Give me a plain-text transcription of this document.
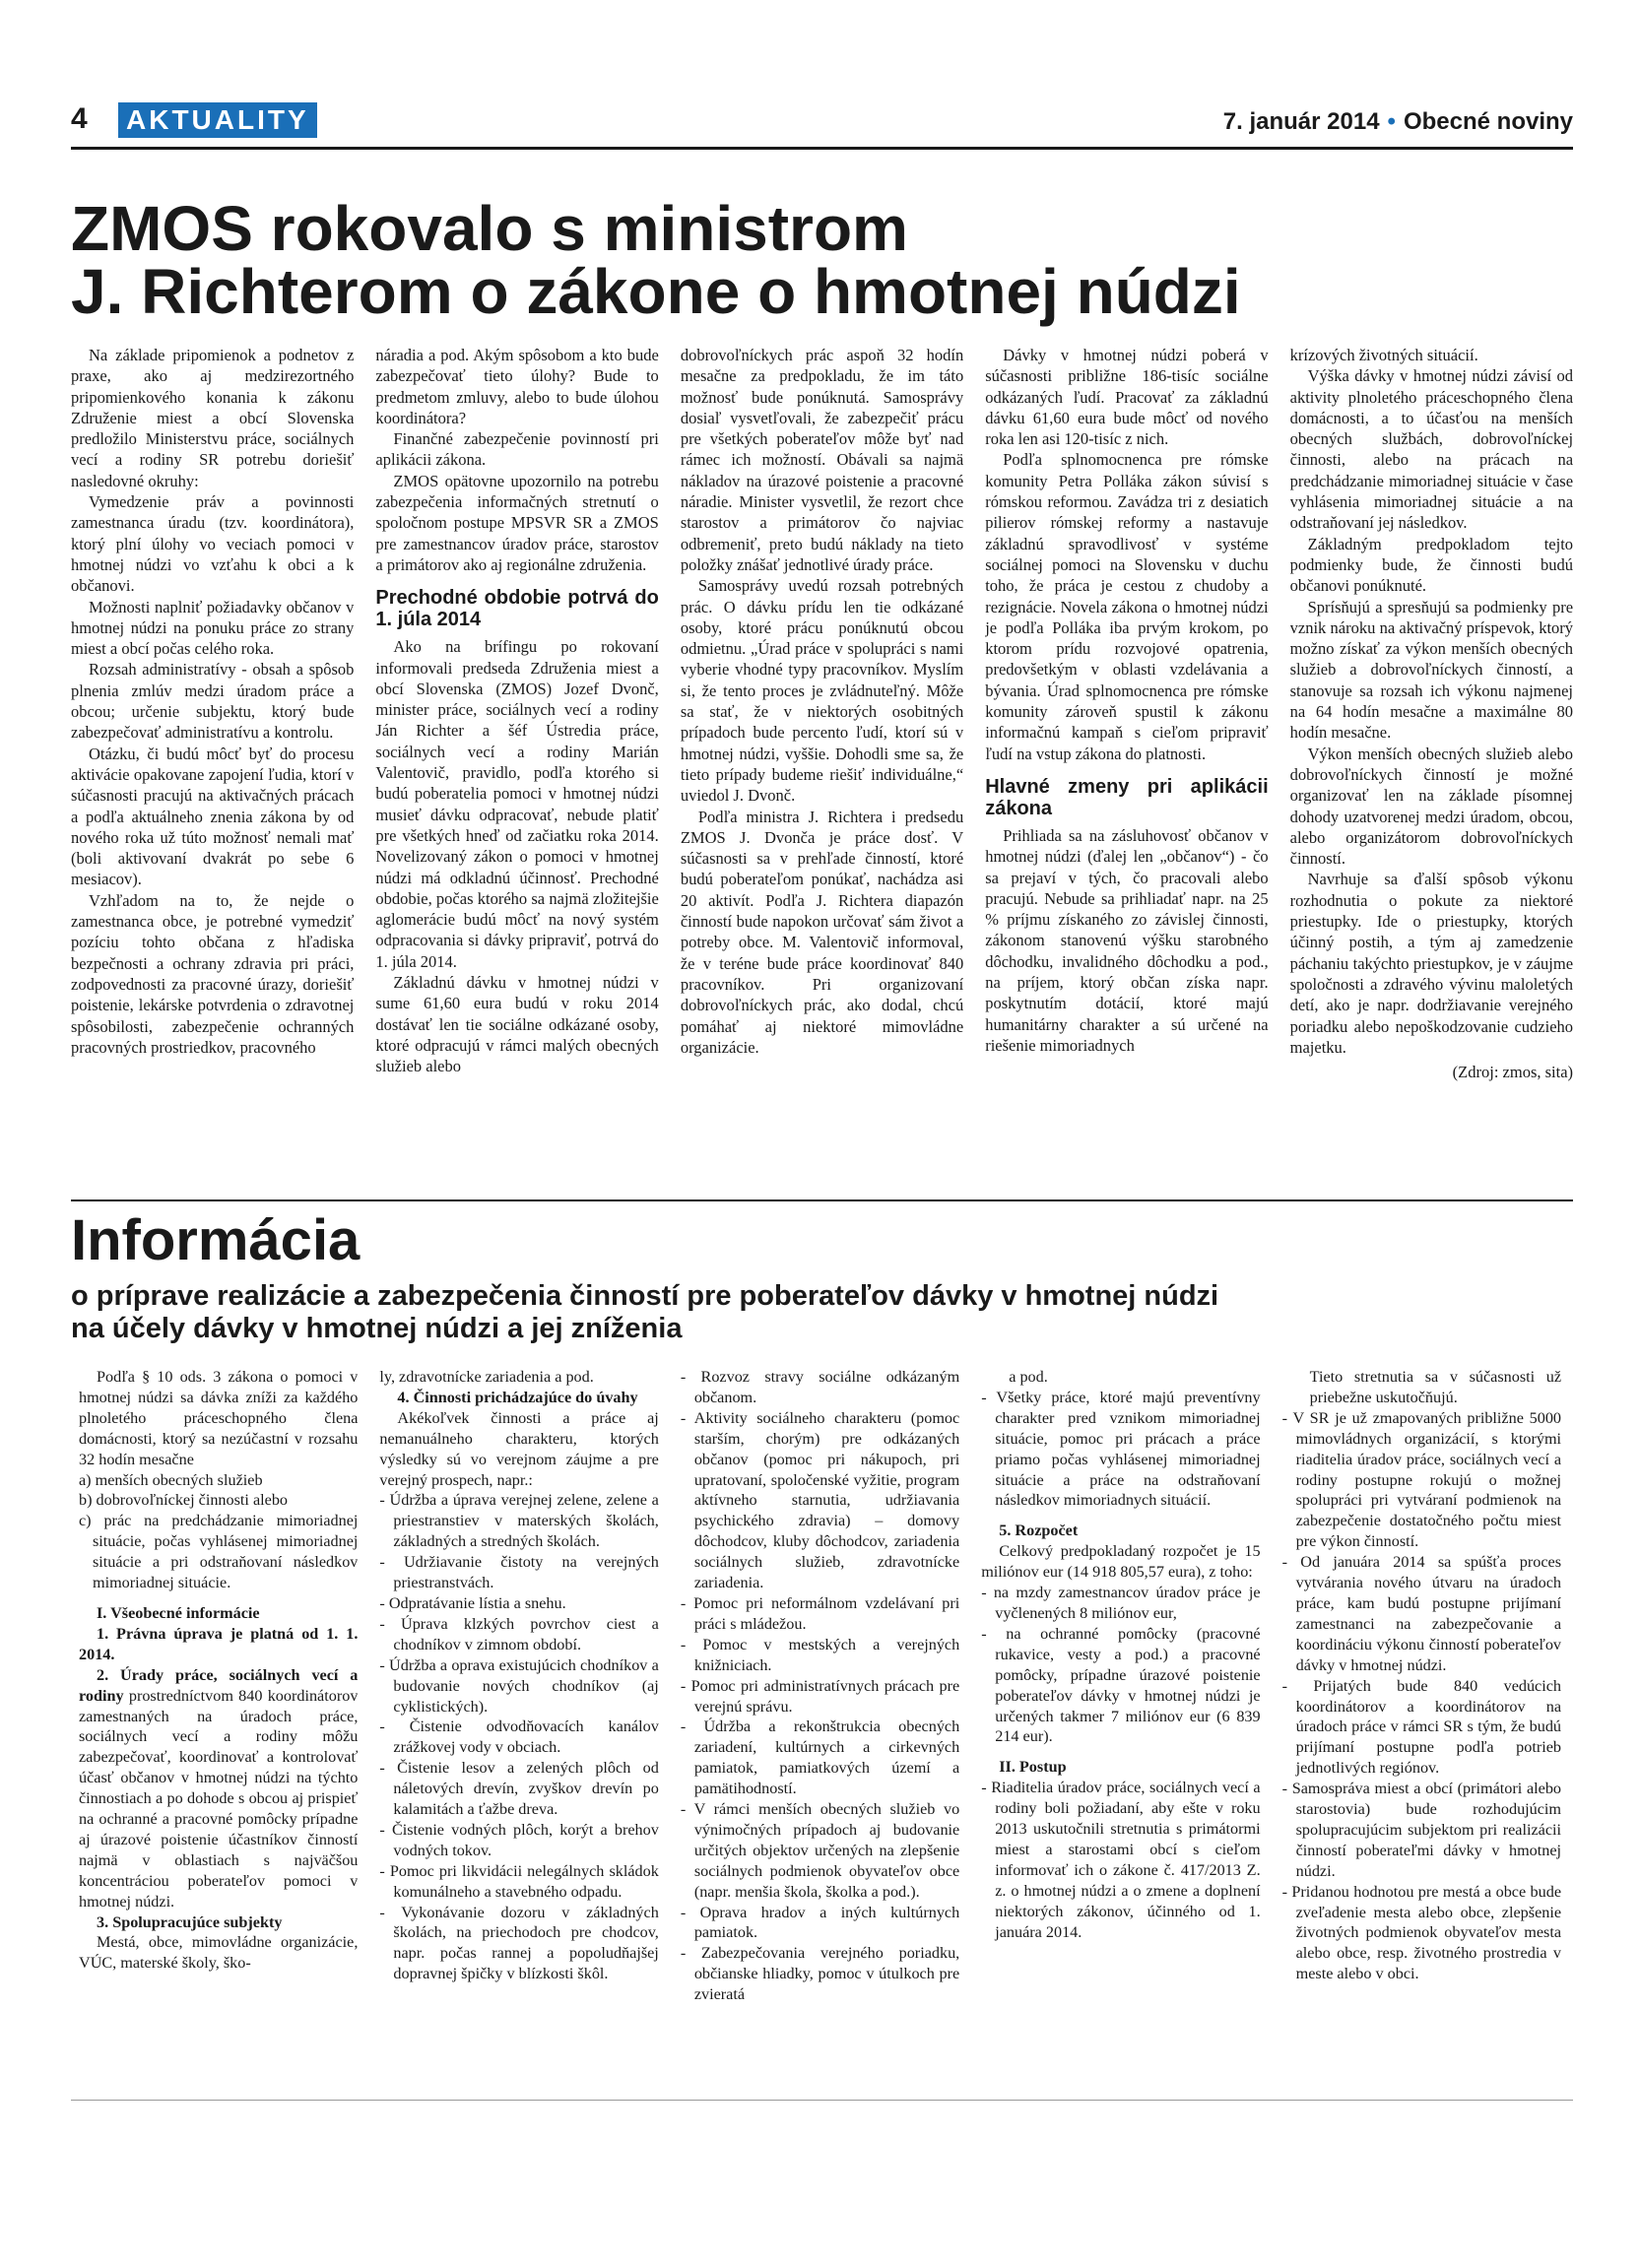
4 AKTUALITY	7. január 2014 • Obecné noviny
ZMOS rokovalo s ministrom
J. Richterom o zákone o hmotnej núdzi

Na základe pripomienok a podnetov z praxe, ako aj medzirezortného pripomienkového konania k zákonu Združenie miest a obcí Slovenska predložilo Ministerstvu práce, sociálnych vecí a rodiny SR potrebu doriešiť nasledovné okruhy:

Vymedzenie práv a povinnosti zamestnanca úradu (tzv. koordinátora), ktorý plní úlohy vo veciach pomoci v hmotnej núdzi vo vzťahu k obci a k občanovi.

Možnosti naplniť požiadavky občanov v hmotnej núdzi na ponuku práce zo strany miest a obcí počas celého roka.

Rozsah administratívy - obsah a spôsob plnenia zmlúv medzi úradom práce a obcou; určenie subjektu, ktorý bude zabezpečovať administratívu a kontrolu.

Otázku, či budú môcť byť do procesu aktivácie opakovane zapojení ľudia, ktorí v súčasnosti pracujú na aktivačných prácach a podľa aktuálneho znenia zákona by od nového roka už túto možnosť nemali mať (boli aktivovaní dvakrát po sebe 6 mesiacov).

Vzhľadom na to, že nejde o zamestnanca obce, je potrebné vymedziť pozíciu tohto občana z hľadiska bezpečnosti a ochrany zdravia pri práci, zodpovednosti za pracovné úrazy, doriešiť poistenie, lekárske potvrdenia o zdravotnej spôsobilosti, zabezpečenie ochranných pracovných prostriedkov, pracovného

náradia a pod. Akým spôsobom a kto bude zabezpečovať tieto úlohy? Bude to predmetom zmluvy, alebo to bude úlohou koordinátora?

Finančné zabezpečenie povinností pri aplikácii zákona.

ZMOS opätovne upozornilo na potrebu zabezpečenia informačných stretnutí o spoločnom postupe MPSVR SR a ZMOS pre zamestnancov úradov práce, starostov a primátorov ako aj regionálne združenia.

Prechodné obdobie potrvá do 1. júla 2014

Ako na brífingu po rokovaní informovali predseda Združenia miest a obcí Slovenska (ZMOS) Jozef Dvonč, minister práce, sociálnych vecí a rodiny Ján Richter a šéf Ústredia práce, sociálnych vecí a rodiny Marián Valentovič, pravidlo, podľa ktorého si budú poberatelia pomoci v hmotnej núdzi musieť dávku odpracovať, nebude platiť pre všetkých hneď od začiatku roka 2014. Novelizovaný zákon o pomoci v hmotnej núdzi má odkladnú účinnosť. Prechodné obdobie, počas ktorého sa najmä zložitejšie aglomerácie budú môcť na nový systém odpracovania si dávky pripraviť, potrvá do 1. júla 2014.

Základnú dávku v hmotnej núdzi v sume 61,60 eura budú v roku 2014 dostávať len tie sociálne odkázané osoby, ktoré odpracujú v rámci malých obecných služieb alebo

dobrovoľníckych prác aspoň 32 hodín mesačne za predpokladu, že im táto možnosť bude ponúknutá. Samosprávy dosiaľ vysvetľovali, že zabezpečiť prácu pre všetkých poberateľov môže byť nad rámec ich možností. Obávali sa najmä nákladov na úrazové poistenie a pracovné náradie. Minister vysvetlil, že rezort chce starostov a primátorov čo najviac odbremeniť, preto budú náklady na tieto položky znášať jednotlivé úrady práce.

Samosprávy uvedú rozsah potrebných prác. O dávku prídu len tie odkázané osoby, ktoré prácu ponúknutú obcou odmietnu. „Úrad práce v spolupráci s nami vyberie vhodné typy pracovníkov. Myslím si, že tento proces je zvládnuteľný. Môže sa stať, že v niektorých osobitných prípadoch bude percento ľudí, ktorí sú v hmotnej núdzi, vyššie. Dohodli sme sa, že tieto prípady budeme riešiť individuálne,“ uviedol J. Dvonč.

Podľa ministra J. Richtera i predsedu ZMOS J. Dvonča je práce dosť. V súčasnosti sa v prehľade činností, ktoré budú poberateľom ponúkať, nachádza asi 20 aktivít. Podľa J. Richtera diapazón činností bude napokon určovať sám život a potreby obce. M. Valentovič informoval, že v teréne bude práce koordinovať 840 pracovníkov. Pri organizovaní dobrovoľníckych prác, ako dodal, chcú pomáhať aj niektoré mimovládne organizácie.

Dávky v hmotnej núdzi poberá v súčasnosti približne 186-tisíc sociálne odkázaných ľudí. Pracovať za základnú dávku 61,60 eura bude môcť od nového roka len asi 120-tisíc z nich.

Podľa splnomocnenca pre rómske komunity Petra Polláka zákon súvisí s rómskou reformou. Zavádza tri z desiatich pilierov rómskej reformy a nastavuje základnú spravodlivosť v systéme sociálnej pomoci na Slovensku v duchu toho, že práca je cestou z chudoby a rezignácie. Novela zákona o hmotnej núdzi je podľa Polláka iba prvým krokom, po ktorom prídu rozvojové opatrenia, predovšetkým v oblasti vzdelávania a bývania. Úrad splnomocnenca pre rómske komunity zároveň spustil k zákonu informačnú kampaň s cieľom pripraviť ľudí na vstup zákona do platnosti.

Hlavné zmeny pri aplikácii zákona

Prihliada sa na zásluhovosť občanov v hmotnej núdzi (ďalej len „občanov“) - čo sa prejaví v tých, čo pracovali alebo pracujú. Nebude sa prihliadať napr. na 25 % príjmu získaného zo závislej činnosti, zákonom stanovenú výšku starobného dôchodku, invalidného dôchodku a pod., na príjem, ktorý občan získa napr. poskytnutím dotácií, ktoré majú humanitárny charakter a sú určené na riešenie mimoriadnych

krízových životných situácií.

Výška dávky v hmotnej núdzi závisí od aktivity plnoletého práceschopného člena domácnosti, a to účasťou na menších obecných službách, dobrovoľníckej činnosti, alebo na prácach na predchádzanie mimoriadnej situácie v čase vyhlásenia mimoriadnej situácie a na odstraňovaní jej následkov.

Základným predpokladom tejto podmienky bude, že činnosti budú občanovi ponúknuté.

Sprísňujú a spresňujú sa podmienky pre vznik nároku na aktivačný príspevok, ktorý možno získať za výkon menších obecných služieb a dobrovoľníckych činností, a stanovuje sa rozsah ich výkonu najmenej na 64 hodín mesačne a maximálne 80 hodín mesačne.

Výkon menších obecných služieb alebo dobrovoľníckych činností je možné organizovať len na základe písomnej dohody uzatvorenej medzi úradom, obcou, alebo organizátorom dobrovoľníckych činností.

Navrhuje sa ďalší spôsob výkonu rozhodnutia o pokute za niektoré priestupky. Ide o priestupky, ktorých účinný postih, a tým aj zamedzenie páchaniu takýchto priestupkov, je v záujme spoločnosti a zdravého vývinu maloletých detí, ako je napr. dodržiavanie verejného poriadku alebo nepoškodzovanie cudzieho majetku.

(Zdroj: zmos, sita)

Informácia
o príprave realizácie a zabezpečenia činností pre poberateľov dávky v hmotnej núdzi
na účely dávky v hmotnej núdzi a jej zníženia

Podľa § 10 ods. 3 zákona o pomoci v hmotnej núdzi sa dávka zníži za každého plnoletého práceschopného člena domácnosti, ktorý sa nezúčastní v rozsahu 32 hodín mesačne

a) menších obecných služieb

b) dobrovoľníckej činnosti alebo

c) prác na predchádzanie mimoriadnej situácie, počas vyhlásenej mimoriadnej situácie a pri odstraňovaní následkov mimoriadnej situácie.

I. Všeobecné informácie

1. Právna úprava je platná od 1. 1. 2014.

2. Úrady práce, sociálnych vecí a rodiny prostredníctvom 840 koordinátorov zamestnaných na úradoch práce, sociálnych vecí a rodiny môžu zabezpečovať, koordinovať a kontrolovať účasť občanov v hmotnej núdzi na týchto činnostiach a po dohode s obcou aj prispieť na ochranné a pracovné pomôcky prípadne aj úrazové poistenie účastníkov činností najmä v oblastiach s najväčšou koncentráciou poberateľov pomoci v hmotnej núdzi.

3. Spolupracujúce subjekty

Mestá, obce, mimovládne organizácie, VÚC, materské školy, ško-

ly, zdravotnícke zariadenia a pod.

4. Činnosti prichádzajúce do úvahy

Akékoľvek činnosti a práce aj nemanuálneho charakteru, ktorých výsledky sú vo verejnom záujme a pre verejný prospech, napr.:

- Údržba a úprava verejnej zelene, zelene a priestranstiev v materských školách, základných a stredných školách.

- Udržiavanie čistoty na verejných priestranstvách.

- Odpratávanie lístia a snehu.

- Úprava klzkých povrchov ciest a chodníkov v zimnom období.

- Údržba a oprava existujúcich chodníkov a budovanie nových chodníkov (aj cyklistických).

- Čistenie odvodňovacích kanálov zrážkovej vody v obciach.

- Čistenie lesov a zelených plôch od náletových drevín, zvyškov drevín po kalamitách a ťažbe dreva.

- Čistenie vodných plôch, korýt a brehov vodných tokov.

- Pomoc pri likvidácii nelegálnych skládok komunálneho a stavebného odpadu.

- Vykonávanie dozoru v základných školách, na priechodoch pre chodcov, napr. počas rannej a popoludňajšej dopravnej špičky v blízkosti škôl.

- Rozvoz stravy sociálne odkázaným občanom.

- Aktivity sociálneho charakteru (pomoc starším, chorým) pre odkázaných občanov (pomoc pri nákupoch, pri upratovaní, spoločenské vyžitie, program aktívneho starnutia, udržiavania psychického zdravia) – domovy dôchodcov, kluby dôchodcov, zariadenia sociálnych služieb, zdravotnícke zariadenia.

- Pomoc pri neformálnom vzdelávaní pri práci s mládežou.

- Pomoc v mestských a verejných knižniciach.

- Pomoc pri administratívnych prácach pre verejnú správu.

- Údržba a rekonštrukcia obecných zariadení, kultúrnych a cirkevných pamiatok, pamiatkových území a pamätihodností.

- V rámci menších obecných služieb vo výnimočných prípadoch aj budovanie určitých objektov určených na zlepšenie sociálnych podmienok obyvateľov obce (napr. menšia škola, školka a pod.).

- Oprava hradov a iných kultúrnych pamiatok.

- Zabezpečovania verejného poriadku, občianske hliadky, pomoc v útulkoch pre zvieratá

a pod.

- Všetky práce, ktoré majú preventívny charakter pred vznikom mimoriadnej situácie, pomoc pri prácach a práce priamo počas vyhlásenej mimoriadnej situácie a práce na odstraňovaní následkov mimoriadnych situácií.

5. Rozpočet

Celkový predpokladaný rozpočet je 15 miliónov eur (14 918 805,57 eura), z toho:

- na mzdy zamestnancov úradov práce je vyčlenených 8 miliónov eur,

- na ochranné pomôcky (pracovné rukavice, vesty a pod.) a pracovné pomôcky, prípadne úrazové poistenie poberateľov dávky v hmotnej núdzi je určených takmer 7 miliónov eur (6 839 214 eur).

II. Postup

- Riaditelia úradov práce, sociálnych vecí a rodiny boli požiadaní, aby ešte v roku 2013 uskutočnili stretnutia s primátormi miest a starostami obcí s cieľom informovať ich o zákone č. 417/2013 Z. z. o hmotnej núdzi a o zmene a doplnení niektorých zákonov, účinného od 1. januára 2014.

Tieto stretnutia sa v súčasnosti už priebežne uskutočňujú.

- V SR je už zmapovaných približne 5000 mimovládnych organizácií, s ktorými riaditelia úradov práce, sociálnych vecí a rodiny postupne rokujú o možnej spolupráci pri vytváraní podmienok na zabezpečenie dostatočného počtu miest pre výkon činností.

- Od januára 2014 sa spúšťa proces vytvárania nového útvaru na úradoch práce, kam budú postupne prijímaní zamestnanci na zabezpečovanie a koordináciu výkonu činností poberateľov dávky v hmotnej núdzi.

- Prijatých bude 840 vedúcich koordinátorov a koordinátorov na úradoch práce v rámci SR s tým, že budú prijímaní postupne podľa potrieb jednotlivých regiónov.

- Samospráva miest a obcí (primátori alebo starostovia) bude rozhodujúcim spolupracujúcim subjektom pri realizácii činností poberateľmi dávky v hmotnej núdzi.

- Pridanou hodnotou pre mestá a obce bude zveľadenie mesta alebo obce, zlepšenie životných podmienok obyvateľov mesta alebo obce, resp. životného prostredia v meste alebo v obci.
